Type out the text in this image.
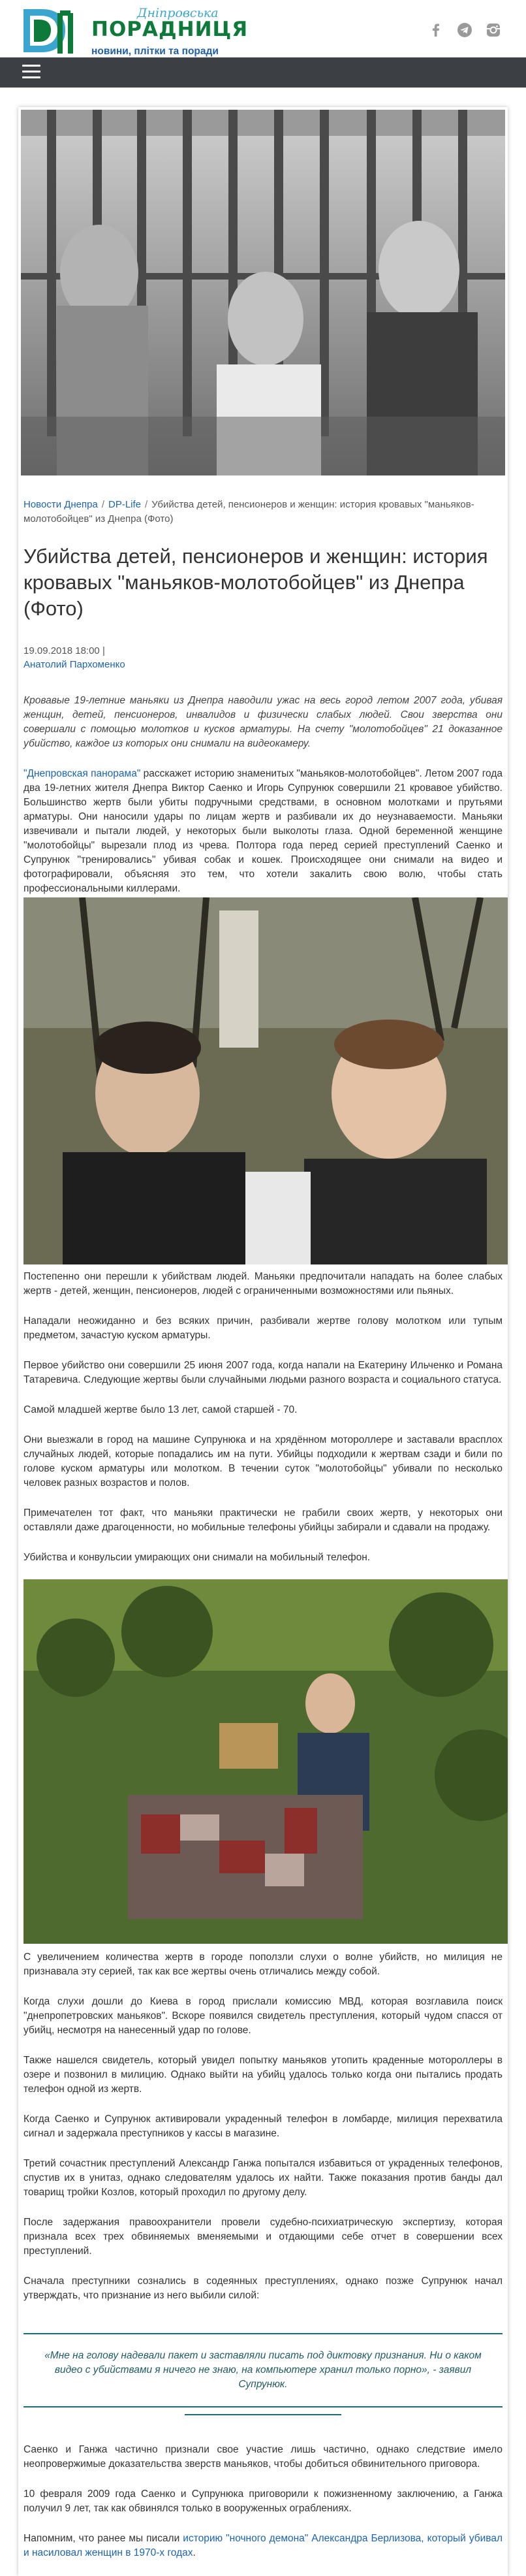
Дніпровська
ПОРАДНИЦЯ
новини, плітки та поради
Новости Днепра / DP-Life / Убийства детей, пенсионеров и женщин: история кровавых "маньяков-молотобойцев" из Днепра (Фото)
Убийства детей, пенсионеров и женщин: история кровавых "маньяков-молотобойцев" из Днепра (Фото)
19.09.2018 18:00 |
Анатолий Пархоменко
Кровавые 19-летние маньяки из Днепра наводили ужас на весь город летом 2007 года, убивая женщин, детей, пенсионеров, инвалидов и физически слабых людей. Свои зверства они совершали с помощью молотков и кусков арматуры. На счету "молотобойцев" 21 доказанное убийство, каждое из которых они снимали на видеокамеру.

"Днепровская панорама" расскажет историю знаменитых "маньяков-молотобойцев". Летом 2007 года два 19-летних жителя Днепра Виктор Саенко и Игорь Супрунюк совершили 21 кровавое убийство. Большинство жертв были убиты подручными средствами, в основном молотками и прутьями арматуры. Они наносили удары по лицам жертв и разбивали их до неузнаваемости. Маньяки извечивали и пытали людей, у некоторых были выколоты глаза. Одной беременной женщине "молотобойцы" вырезали плод из чрева. Полтора года перед серией преступлений Саенко и Супрунюк "тренировались" убивая собак и кошек. Происходящее они снимали на видео и фотографировали, объясняя это тем, что хотели закалить свою волю, чтобы стать профессиональными киллерами.

Постепенно они перешли к убийствам людей. Маньяки предпочитали нападать на более слабых жертв - детей, женщин, пенсионеров, людей с ограниченными возможностями или пьяных.

Нападали неожиданно и без всяких причин, разбивали жертве голову молотком или тупым предметом, зачастую куском арматуры.

Первое убийство они совершили 25 июня 2007 года, когда напали на Екатерину Ильченко и Романа Татаревича. Следующие жертвы были случайными людьми разного возраста и социального статуса.

Самой младшей жертве было 13 лет, самой старшей - 70.

Они выезжали в город на машине Супрунюка и на хрядённом мотороллере и заставали врасплох случайных людей, которые попадались им на пути. Убийцы подходили к жертвам сзади и били по голове куском арматуры или молотком. В течении суток "молотобойцы" убивали по несколько человек разных возрастов и полов.

Примечателен тот факт, что маньяки практически не грабили своих жертв, у некоторых они оставляли даже драгоценности, но мобильные телефоны убийцы забирали и сдавали на продажу.

Убийства и конвульсии умирающих они снимали на мобильный телефон.

С увеличением количества жертв в городе поползли слухи о волне убийств, но милиция не признавала эту серией, так как все жертвы очень отличались между собой.

Когда слухи дошли до Киева в город прислали комиссию МВД, которая возглавила поиск "днепропетровских маньяков". Вскоре появился свидетель преступления, который чудом спасся от убийц, несмотря на нанесенный удар по голове.

Также нашелся свидетель, который увидел попытку маньяков утопить краденные мотороллеры в озере и позвонил в милицию. Однако выйти на убийц удалось только когда они пытались продать телефон одной из жертв.

Когда Саенко и Супрунюк активировали украденный телефон в ломбарде, милиция перехватила сигнал и задержала преступников у кассы в магазине.

Третий сочастник преступлений Александр Ганжа попытался избавиться от украденных телефонов, спустив их в унитаз, однако следователям удалось их найти. Также показания против банды дал товарищ тройки Козлов, который проходил по другому делу.

После задержания правоохранители провели судебно-психиатрическую экспертизу, которая признала всех трех обвиняемых вменяемыми и отдающими себе отчет в совершении всех преступлений.

Сначала преступники сознались в содеянных преступлениях, однако позже Супрунюк начал утверждать, что признание из него выбили силой:

«Мне на голову надевали пакет и заставляли писать под диктовку признания. Ни о каком видео с убийствами я ничего не знаю, на компьютере хранил только порно», - заявил Супрунюк.

Саенко и Ганжа частично признали свое участие лишь частично, однако следствие имело неопровержимые доказательства зверств маньяков, чтобы добиться обвинительного приговора.

10 февраля 2009 года Саенко и Супрунюка приговорили к пожизненному заключению, а Ганжа получил 9 лет, так как обвинялся только в вооруженных ограблениях.

Напомним, что ранее мы писали историю "ночного демона" Александра Берлизова, который убивал и насиловал женщин в 1970-х годах.
